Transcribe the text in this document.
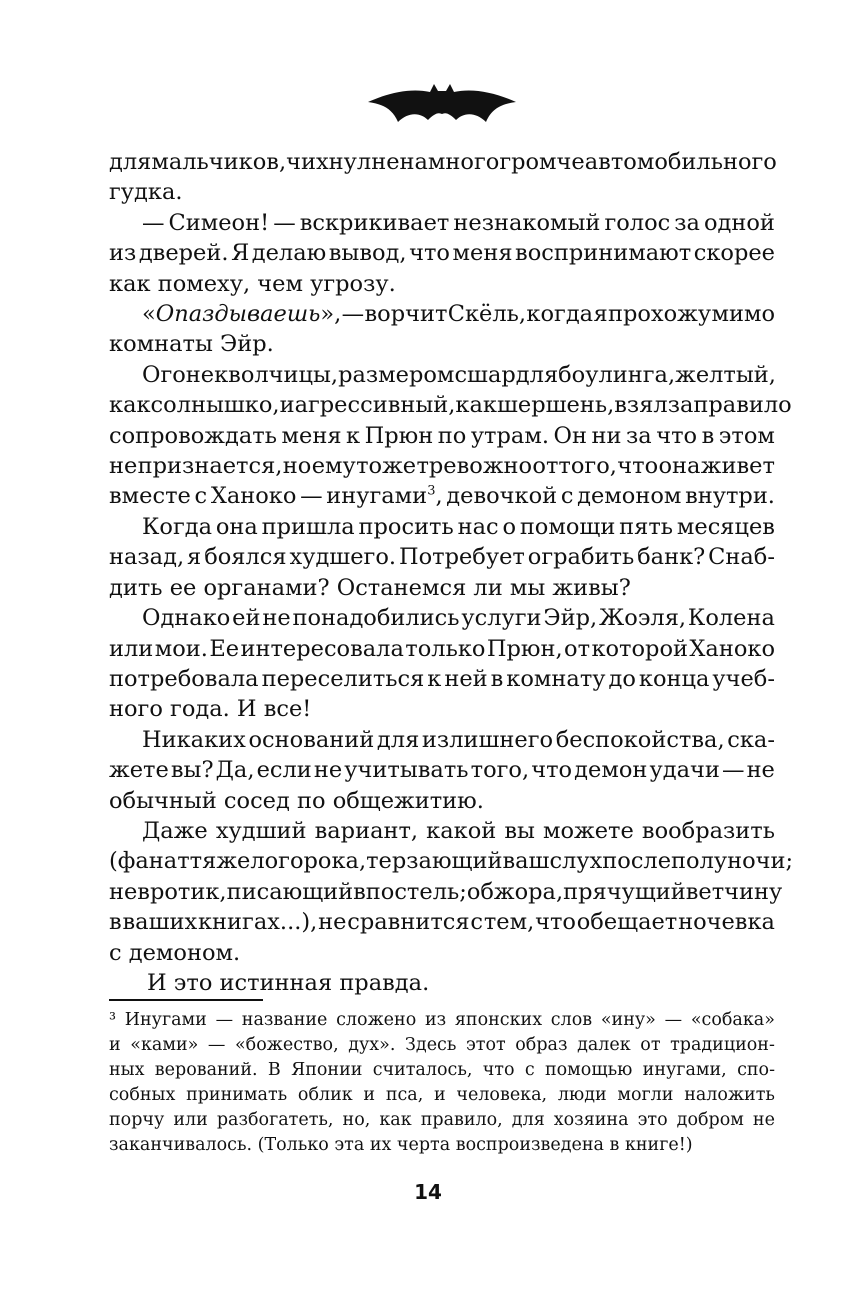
для мальчиков, чихнул не намного громче автомобильного
гудка.
— Симеон! — вскрикивает незнакомый голос за одной
из дверей. Я делаю вывод, что меня воспринимают скорее
как помеху, чем угрозу.
«Опаздываешь», — ворчит Скёль, когда я прохожу мимо
комнаты Эйр.
Огонек волчицы, размером с шар для боулинга, желтый,
как солнышко, и агрессивный, как шершень, взял за правило
сопровождать меня к Прюн по утрам. Он ни за что в этом
не признается, но ему тоже тревожно оттого, что она живет
вместе с Ханоко — инугами$^3$, девочкой с демоном внутри.
Когда она пришла просить нас о помощи пять месяцев
назад, я боялся худшего. Потребует ограбить банк? Снаб-
дить ее органами? Останемся ли мы живы?
Однако ей не понадобились услуги Эйр, Жоэля, Колена
или мои. Ее интересовала только Прюн, от которой Ханоко
потребовала переселиться к ней в комнату до конца учеб-
ного года. И все!
Никаких оснований для излишнего беспокойства, ска-
жете вы? Да, если не учитывать того, что демон удачи — не
обычный сосед по общежитию.
Даже худший вариант, какой вы можете вообразить
(фанат тяжелого рока, терзающий ваш слух после полуночи;
невротик, писающий в постель; обжора, прячущий ветчину
в ваших книгах...), не сравнится с тем, что обещает ночевка
с демоном.
И это истинная правда.
³ Инугами — название сложено из японских слов «ину» — «собака»
и «ками» — «божество, дух». Здесь этот образ далек от традицион-
ных верований. В Японии считалось, что с помощью инугами, спо-
собных принимать облик и пса, и человека, люди могли наложить
порчу или разбогатеть, но, как правило, для хозяина это добром не
заканчивалось. (Только эта их черта воспроизведена в книге!)
14
